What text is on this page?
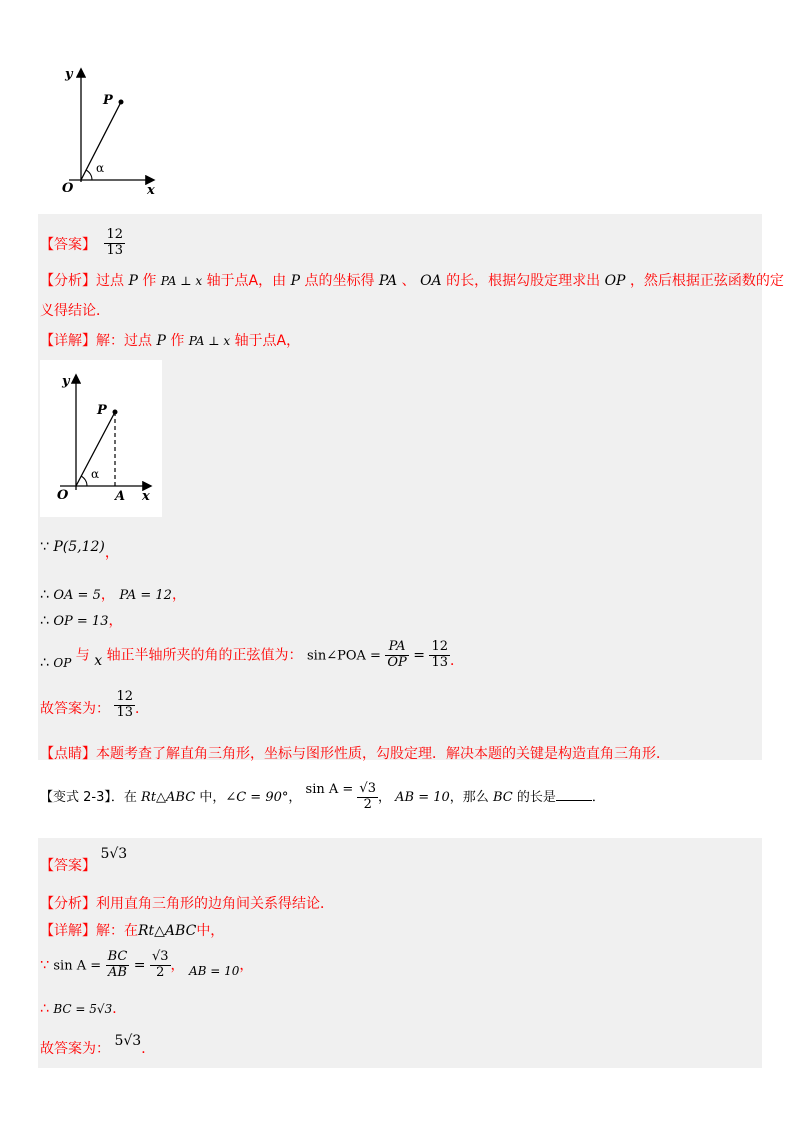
y
P
O	x
α
【答案】 $\frac{12}{13}$
【分析】过点 P 作 PA ⊥ x 轴于点A，由 P 点的坐标得 PA 、 OA 的长，根据勾股定理求出 OP ，然后根据正弦函数的定
义得结论．
【详解】解：过点 P 作 PA ⊥ x 轴于点A，
y
P
O	A x
α
∵ P(5,12)，
∴ OA = 5， PA = 12，
∴ OP = 13，
∴ OP 与 x 轴正半轴所夹的角的正弦值为： sin∠POA = $\frac{PA}{OP} = \frac{12}{13}$ ．
故答案为： $\frac{12}{13}$ ．
【点睛】本题考查了解直角三角形，坐标与图形性质，勾股定理．解决本题的关键是构造直角三角形．
【变式 2-3】．在 Rt△ABC 中，∠C = 90°， $\sin A = \frac{√3}{2}$ ， AB = 10，那么 BC 的长是	．
【答案】 5√3
【分析】利用直角三角形的边角间关系得结论．
【详解】解：在Rt△ABC中，
∵ $\sin A = \frac{BC}{AB} = \frac{√3}{2}$ ， AB = 10，
∴ BC = 5√3．
故答案为： 5√3．
